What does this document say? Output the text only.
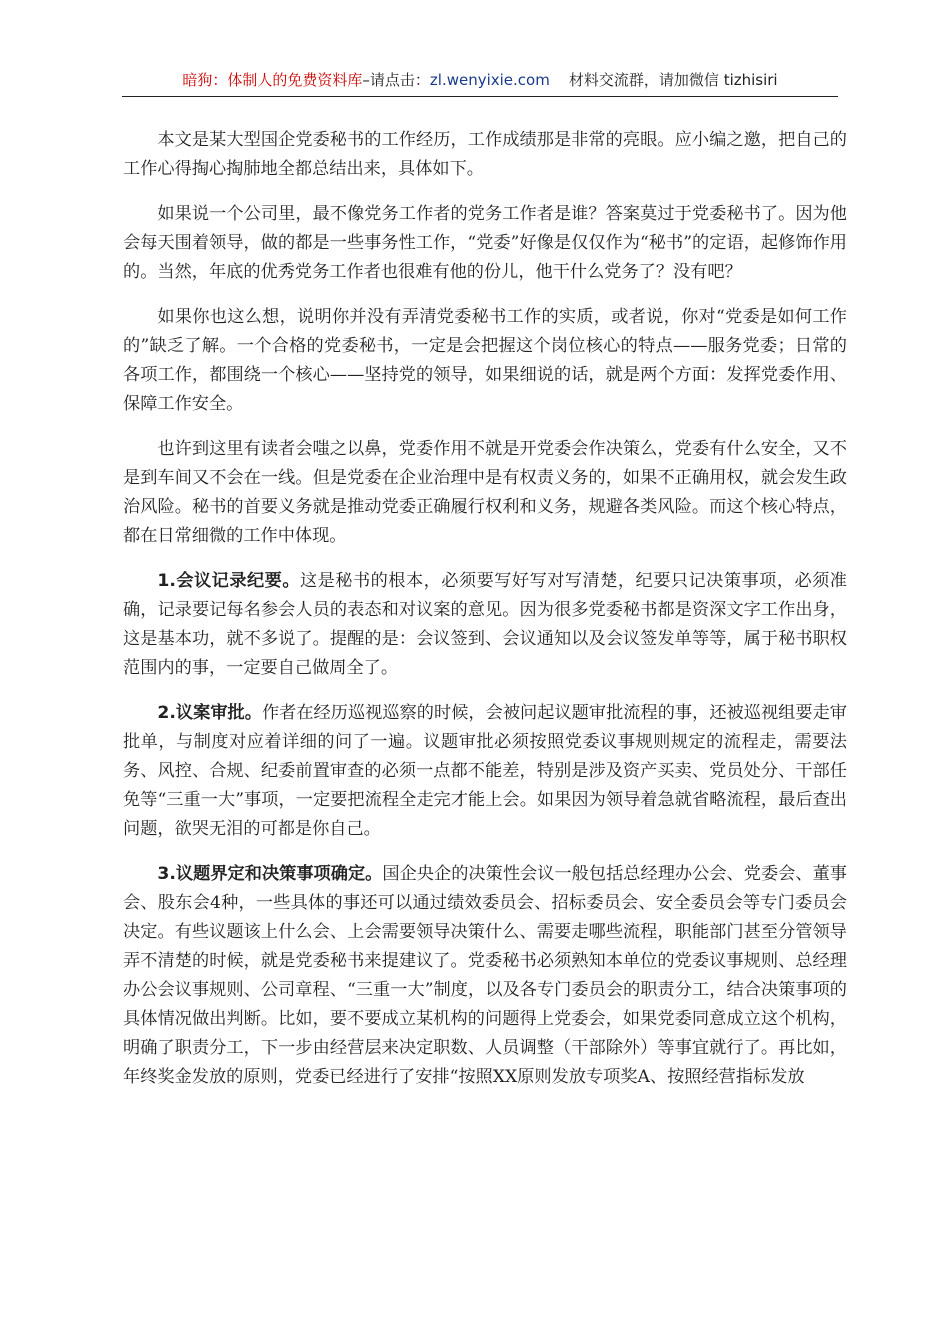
暗狗：体制人的免费资料库–请点击：zl.wenyixie.com 材料交流群，请加微信 tizhisiri

本文是某大型国企党委秘书的工作经历，工作成绩那是非常的亮眼。应小编之邀，把自己的工作心得掏心掏肺地全都总结出来，具体如下。

如果说一个公司里，最不像党务工作者的党务工作者是谁？答案莫过于党委秘书了。因为他会每天围着领导，做的都是一些事务性工作，“党委”好像是仅仅作为“秘书”的定语，起修饰作用的。当然，年底的优秀党务工作者也很难有他的份儿，他干什么党务了？没有吧？

如果你也这么想，说明你并没有弄清党委秘书工作的实质，或者说，你对“党委是如何工作的”缺乏了解。一个合格的党委秘书，一定是会把握这个岗位核心的特点——服务党委；日常的各项工作，都围绕一个核心——坚持党的领导，如果细说的话，就是两个方面：发挥党委作用、保障工作安全。

也许到这里有读者会嗤之以鼻，党委作用不就是开党委会作决策么，党委有什么安全，又不是到车间又不会在一线。但是党委在企业治理中是有权责义务的，如果不正确用权，就会发生政治风险。秘书的首要义务就是推动党委正确履行权利和义务，规避各类风险。而这个核心特点，都在日常细微的工作中体现。

1.会议记录纪要。这是秘书的根本，必须要写好写对写清楚，纪要只记决策事项，必须准确，记录要记每名参会人员的表态和对议案的意见。因为很多党委秘书都是资深文字工作出身，这是基本功，就不多说了。提醒的是：会议签到、会议通知以及会议签发单等等，属于秘书职权范围内的事，一定要自己做周全了。

2.议案审批。作者在经历巡视巡察的时候，会被问起议题审批流程的事，还被巡视组要走审批单，与制度对应着详细的问了一遍。议题审批必须按照党委议事规则规定的流程走，需要法务、风控、合规、纪委前置审查的必须一点都不能差，特别是涉及资产买卖、党员处分、干部任免等“三重一大”事项，一定要把流程全走完才能上会。如果因为领导着急就省略流程，最后查出问题，欲哭无泪的可都是你自己。

3.议题界定和决策事项确定。国企央企的决策性会议一般包括总经理办公会、党委会、董事会、股东会4种，一些具体的事还可以通过绩效委员会、招标委员会、安全委员会等专门委员会决定。有些议题该上什么会、上会需要领导决策什么、需要走哪些流程，职能部门甚至分管领导弄不清楚的时候，就是党委秘书来提建议了。党委秘书必须熟知本单位的党委议事规则、总经理办公会议事规则、公司章程、“三重一大”制度，以及各专门委员会的职责分工，结合决策事项的具体情况做出判断。比如，要不要成立某机构的问题得上党委会，如果党委同意成立这个机构，明确了职责分工，下一步由经营层来决定职数、人员调整（干部除外）等事宜就行了。再比如，年终奖金发放的原则，党委已经进行了安排“按照XX原则发放专项奖A、按照经营指标发放
